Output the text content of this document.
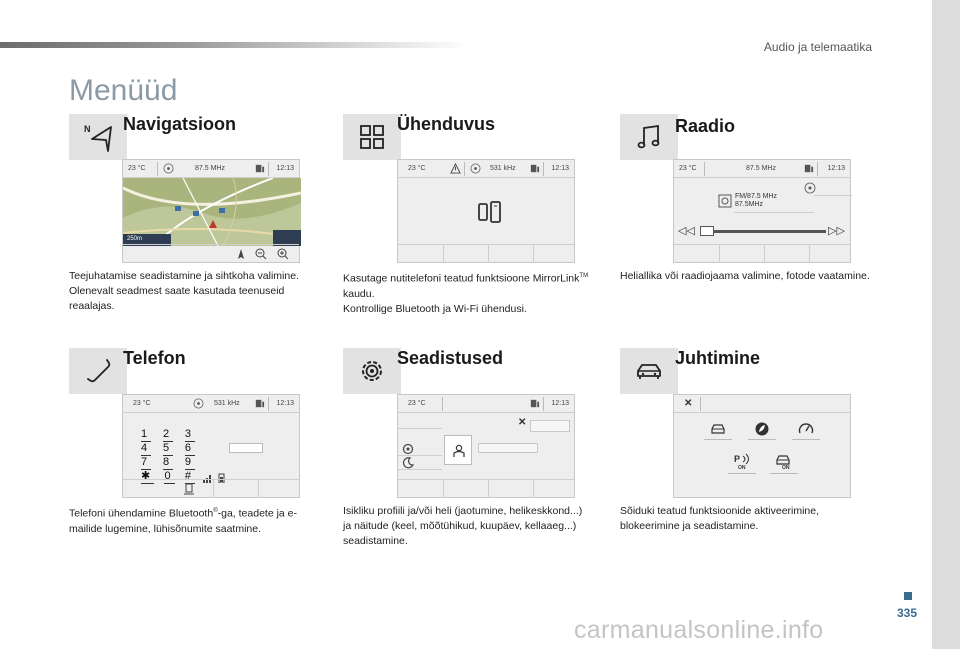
Audio ja telemaatika
Menüüd
N Navigatsioon
23 °C	87.5 MHz	12:13
250m

Teejuhatamise seadistamine ja sihtkoha valimine.

Olenevalt seadmest saate kasutada teenuseid reaalajas.

Ühenduvus
23 °C	531 kHz	12:13

Kasutage nutitelefoni teatud funktsioone MirrorLink™ kaudu.

Kontrollige Bluetooth ja Wi-Fi ühendusi.

Raadio
23 °C	87.5 MHz	12:13
FM/87.5 MHz
87.5MHz
◁◁	▷▷
Heliallika või raadiojaama valimine, fotode vaatamine.
Telefon
23 °C	531 kHz	12:13
1	2	3
4	5	6
7	8	9
✱	0	#

Telefoni ühendamine Bluetooth®-ga, teadete ja e-mailide lugemine, lühisõnumite saatmine.

Seadistused
23 °C	12:13
✕
Isikliku profiili ja/või heli (jaotumine, helikeskkond...) ja näitude (keel, mõõtühikud, kuupäev, kellaaeg...) seadistamine.
Juhtimine
✕
P
ON	ON
Sõiduki teatud funktsioonide aktiveerimine, blokeerimine ja seadistamine.
335
carmanualsonline.info
